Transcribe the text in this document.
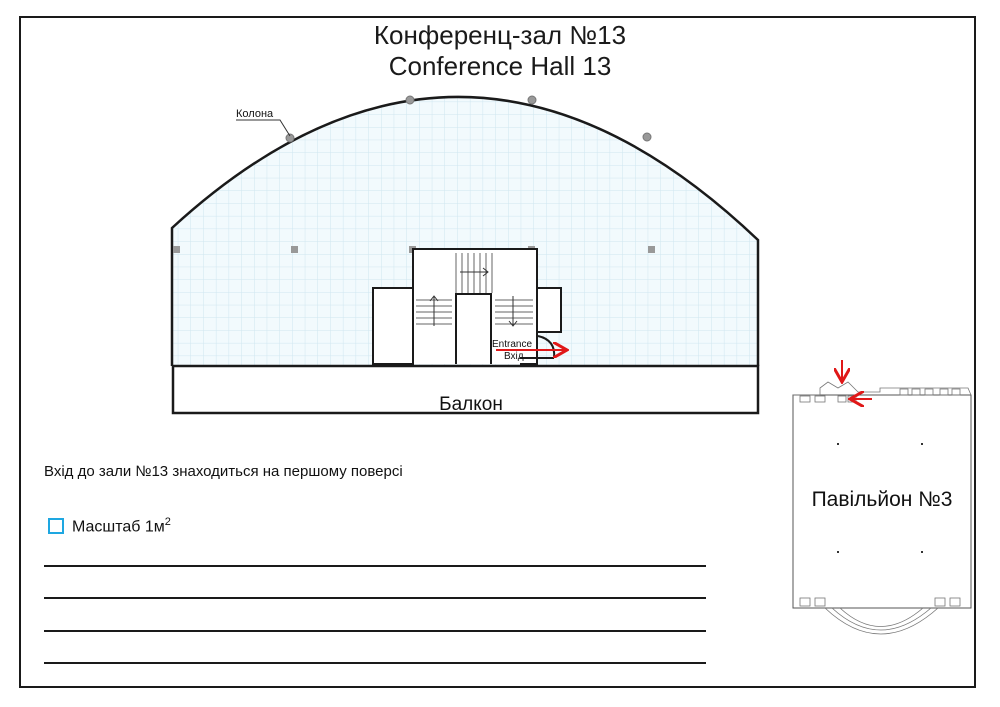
Конференц-зал №13
Conference Hall 13
Балкон
Колона
Entrance
Вхід
Павільйон №3
Вхід до зали №13 знаходиться на першому поверсі
Масштаб $1м^2$
